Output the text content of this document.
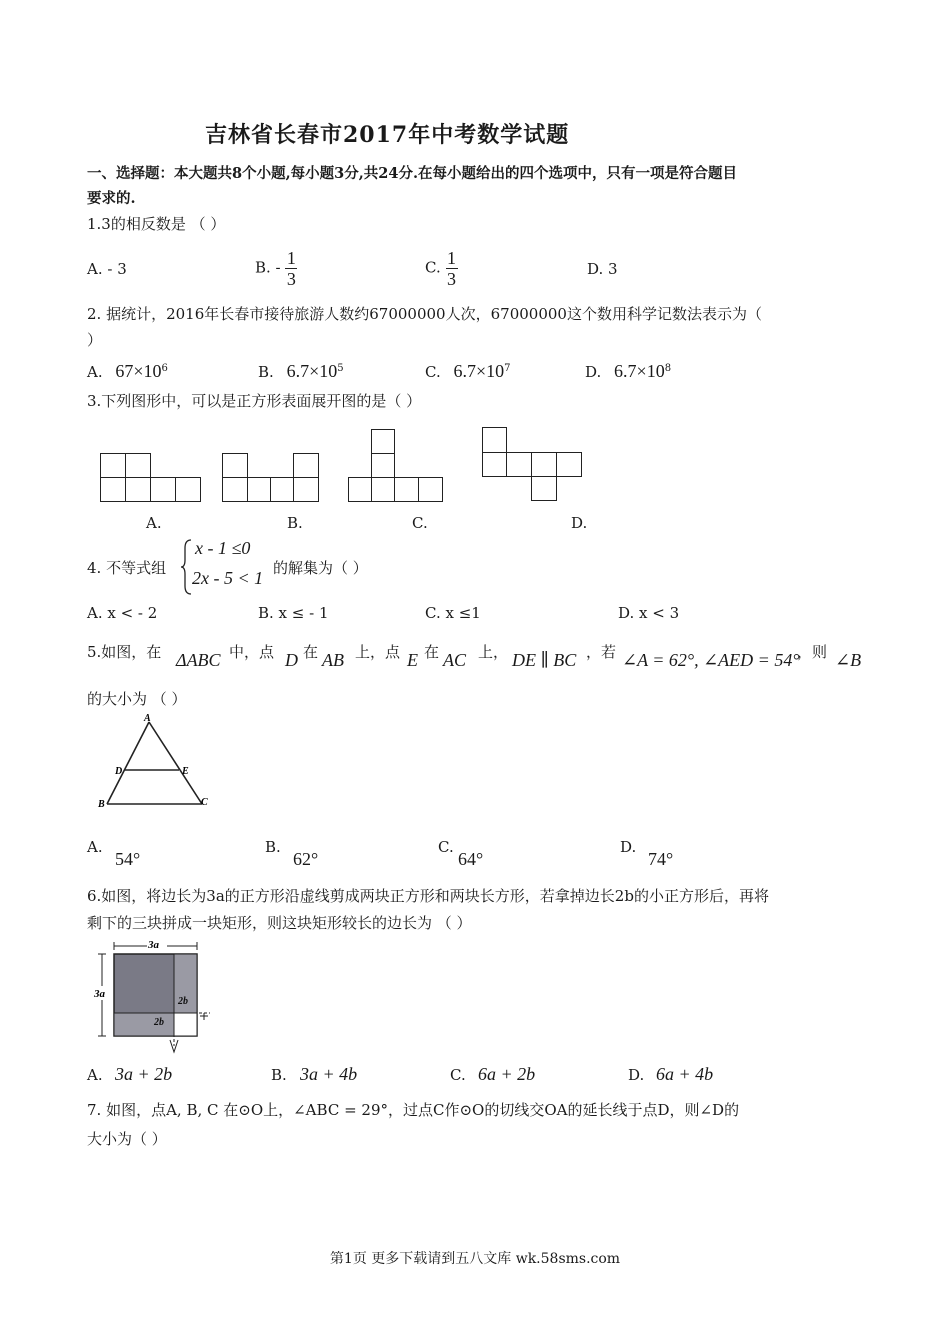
吉林省长春市2017年中考数学试题
一、选择题：本大题共8个小题,每小题3分,共24分.在每小题给出的四个选项中，只有一项是符合题目
要求的.
1.3的相反数是 （ ）
A. - 3	B. - $\frac{1}{3}$	C. $\frac{1}{3}$	D. 3
2. 据统计，2016年长春市接待旅游人数约67000000人次，67000000这个数用科学记数法表示为（
）
A. $67\times 10^6$	B. $6.7\times 10^5$	C. $6.7\times 10^7$	D. $6.7\times 10^8$
3.下列图形中，可以是正方形表面展开图的是（ ）
A.	B.	C.	D.
4. 不等式组
x - 1 ≤0
2x - 5 < 1 的解集为（ ）
A. x < - 2	B. x ≤ - 1	C. x ≤1	D. x < 3
5.如图，在 ΔABC 中，点 D 在 AB 上，点 E 在 AC 上， DE ∥ BC ，若 ∠A = 62°, ∠AED = 54°
，则 ∠B
的大小为 （ ）
A
D	E
B	C
A.
54°
B.
62°
C.
64°
D.
74°
6.如图，将边长为3a的正方形沿虚线剪成两块正方形和两块长方形，若拿掉边长2b的小正方形后，再将
剩下的三块拼成一块矩形，则这块矩形较长的边长为 （ ）
3a
3a
2b
2b
A. 3a + 2b	B. 3a + 4b	C. 6a + 2b	D. 6a + 4b
7. 如图，点A, B, C 在⊙O上，∠ABC = 29°，过点C作⊙O的切线交OA的延长线于点D，则∠D的
大小为（ ）
第1页 更多下载请到五八文库 wk.58sms.com
